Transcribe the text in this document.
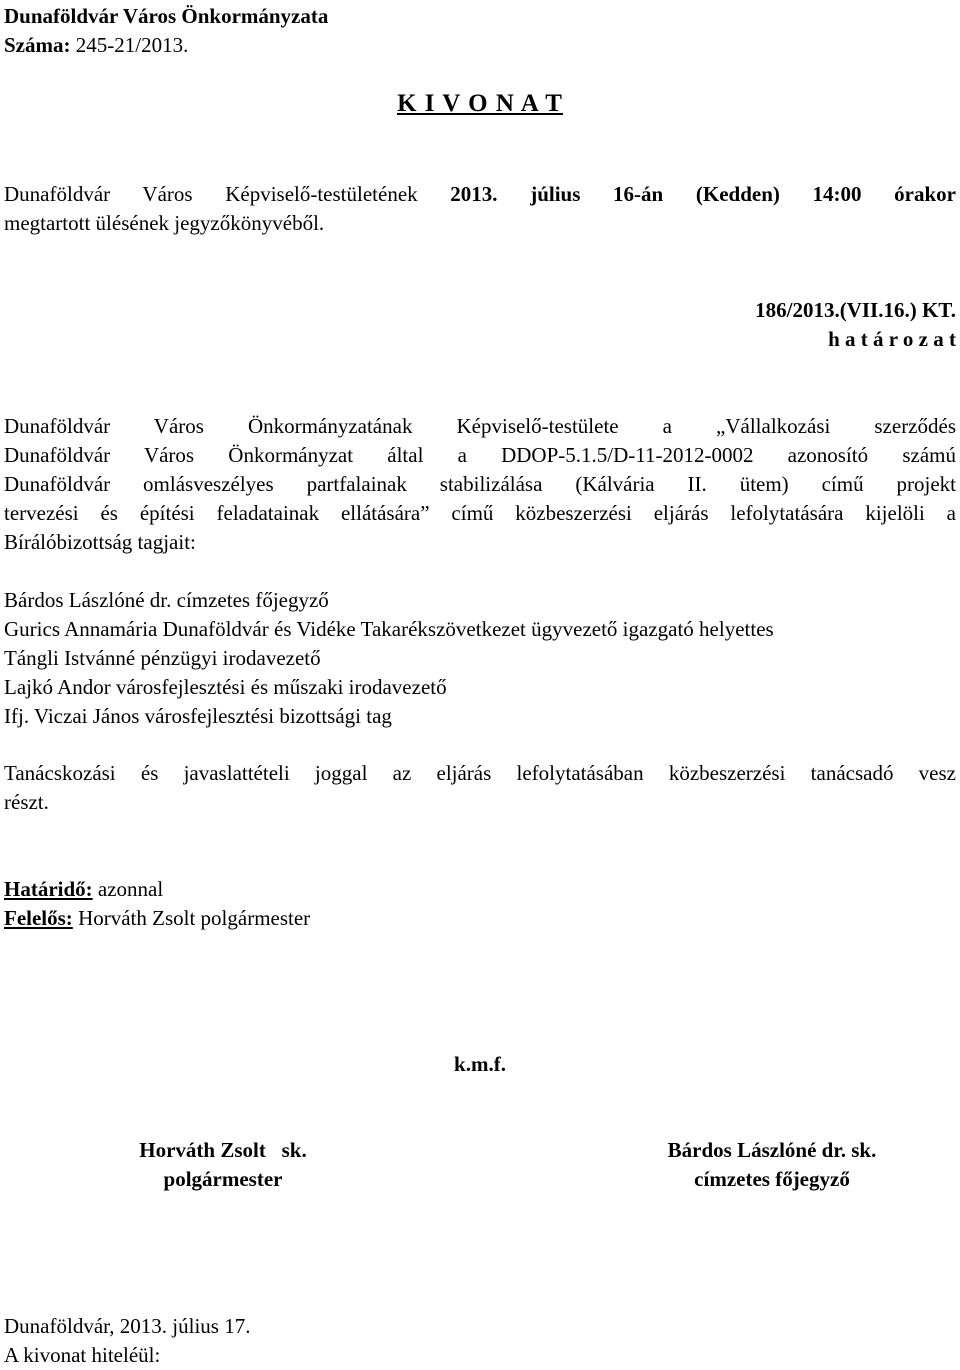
Dunaföldvár Város Önkormányzata
Száma: 245-21/2013.
K I V O N A T
Dunaföldvár Város Képviselő-testületének 2013. július 16-án (Kedden) 14:00 órakor
megtartott ülésének jegyzőkönyvéből.
186/2013.(VII.16.) KT.
h a t á r o z a t
Dunaföldvár Város Önkormányzatának Képviselő-testülete a „Vállalkozási szerződés
Dunaföldvár Város Önkormányzat által a DDOP-5.1.5/D-11-2012-0002 azonosító számú
Dunaföldvár omlásveszélyes partfalainak stabilizálása (Kálvária II. ütem) című projekt
tervezési és építési feladatainak ellátására” című közbeszerzési eljárás lefolytatására kijelöli a
Bírálóbizottság tagjait:
Bárdos Lászlóné dr. címzetes főjegyző
Gurics Annamária Dunaföldvár és Vidéke Takarékszövetkezet ügyvezető igazgató helyettes
Tángli Istvánné pénzügyi irodavezető
Lajkó Andor városfejlesztési és műszaki irodavezető
Ifj. Viczai János városfejlesztési bizottsági tag
Tanácskozási és javaslattételi joggal az eljárás lefolytatásában közbeszerzési tanácsadó vesz
részt.
Határidő: azonnal
Felelős: Horváth Zsolt polgármester
k.m.f.
Horváth Zsolt   sk.
polgármester
Bárdos Lászlóné dr. sk.
címzetes főjegyző
Dunaföldvár, 2013. július 17.
A kivonat hiteléül:
